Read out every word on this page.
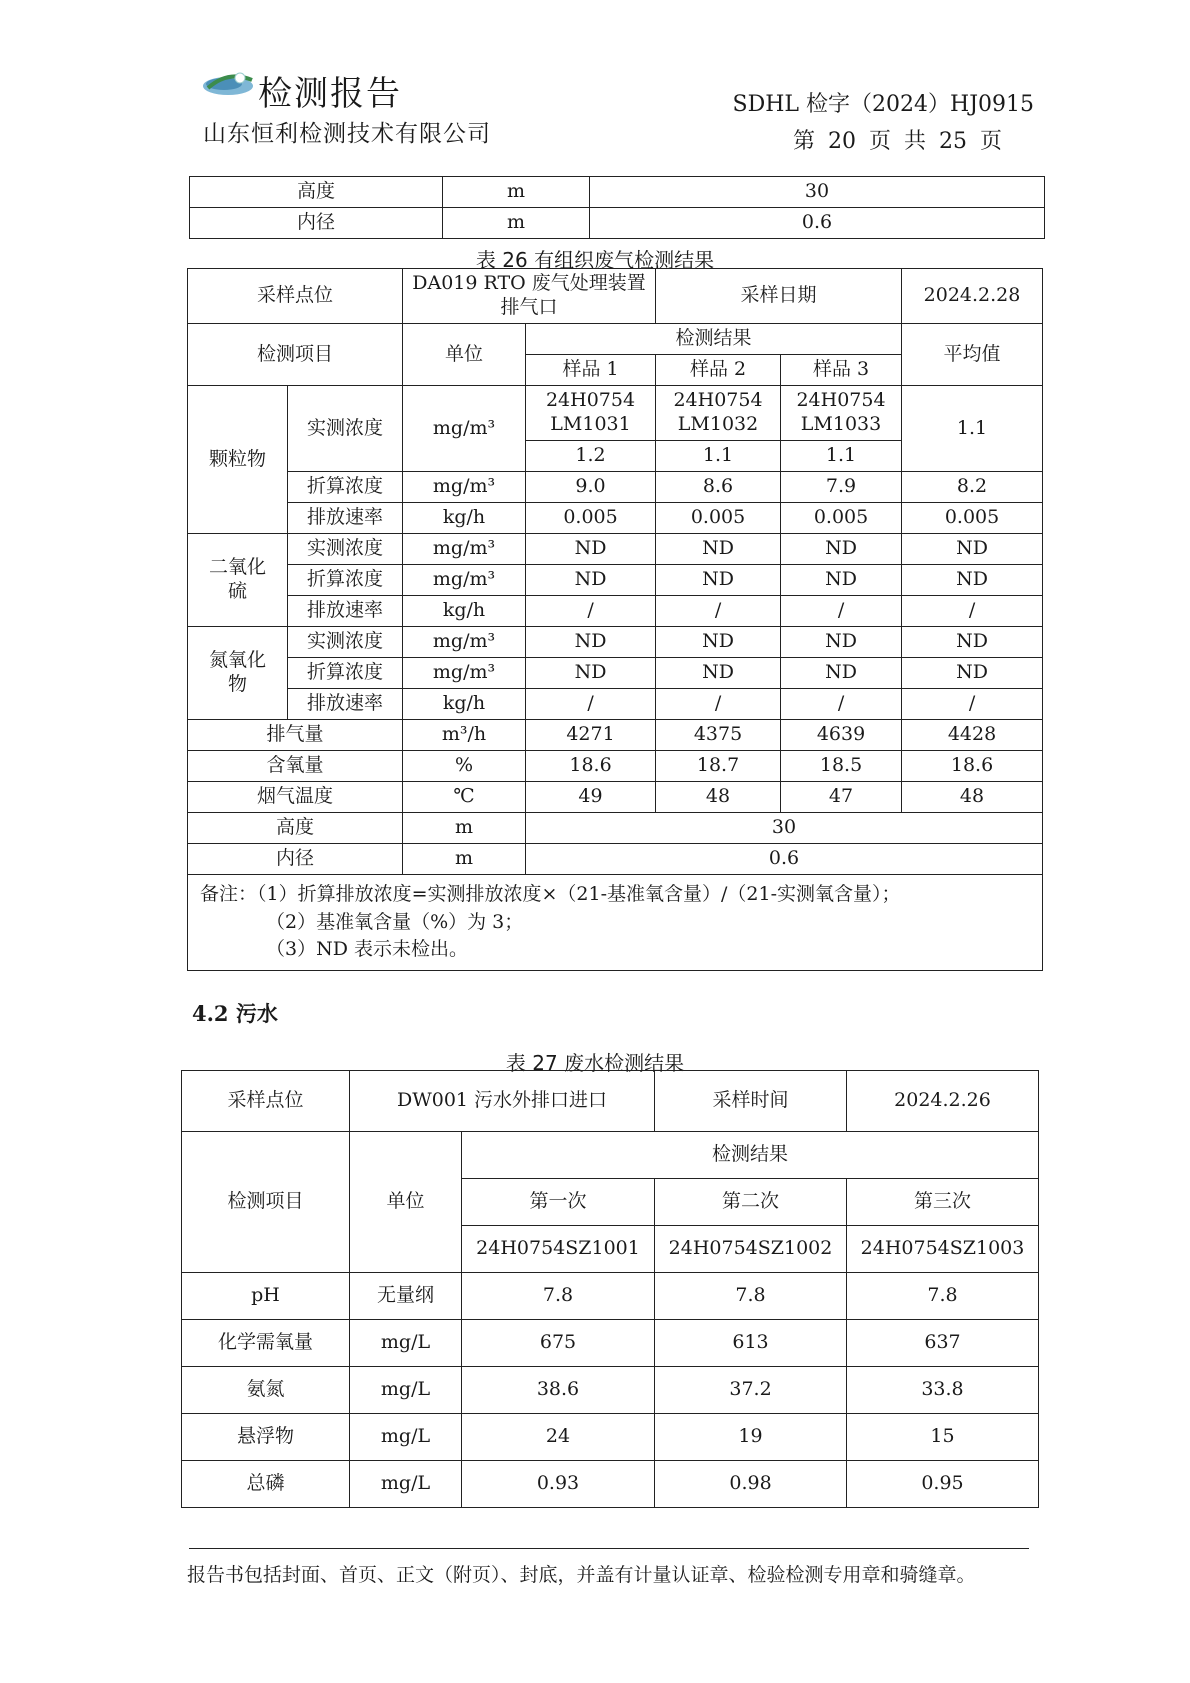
检测报告
山东恒利检测技术有限公司
SDHL 检字（2024）HJ0915
第 20 页 共 25 页
高度	m	30
内径	m	0.6
表 26 有组织废气检测结果
采样点位		DA019 RTO 废气处理装置排气口		采样日期		2024.2.28
检测项目		单位	检测结果			平均值
			样品 1	样品 2	样品 3	
颗粒物	实测浓度	mg/m³	24H0754 LM1031	24H0754 LM1032	24H0754 LM1033	1.1
			1.2	1.1	1.1	
	折算浓度	mg/m³	9.0	8.6	7.9	8.2
	排放速率	kg/h	0.005	0.005	0.005	0.005
二氧化硫	实测浓度	mg/m³	ND	ND	ND	ND
	折算浓度	mg/m³	ND	ND	ND	ND
	排放速率	kg/h	/	/	/	/
氮氧化物	实测浓度	mg/m³	ND	ND	ND	ND
	折算浓度	mg/m³	ND	ND	ND	ND
	排放速率	kg/h	/	/	/	/
排气量		m³/h	4271	4375	4639	4428
含氧量		%	18.6	18.7	18.5	18.6
烟气温度		℃	49	48	47	48
高度		m	30			
内径		m	0.6			

备注：（1）折算排放浓度=实测排放浓度×（21-基准氧含量）/（21-实测氧含量）；
（2）基准氧含量（%）为 3；
（3）ND 表示未检出。						
4.2 污水
表 27 废水检测结果
采样点位	DW001 污水外排口进口		采样时间	2024.2.26
检测项目	单位	检测结果		
		第一次	第二次	第三次
		24H0754SZ1001	24H0754SZ1002	24H0754SZ1003
pH	无量纲	7.8	7.8	7.8
化学需氧量	mg/L	675	613	637
氨氮	mg/L	38.6	37.2	33.8
悬浮物	mg/L	24	19	15
总磷	mg/L	0.93	0.98	0.95
报告书包括封面、首页、正文（附页）、封底，并盖有计量认证章、检验检测专用章和骑缝章。
